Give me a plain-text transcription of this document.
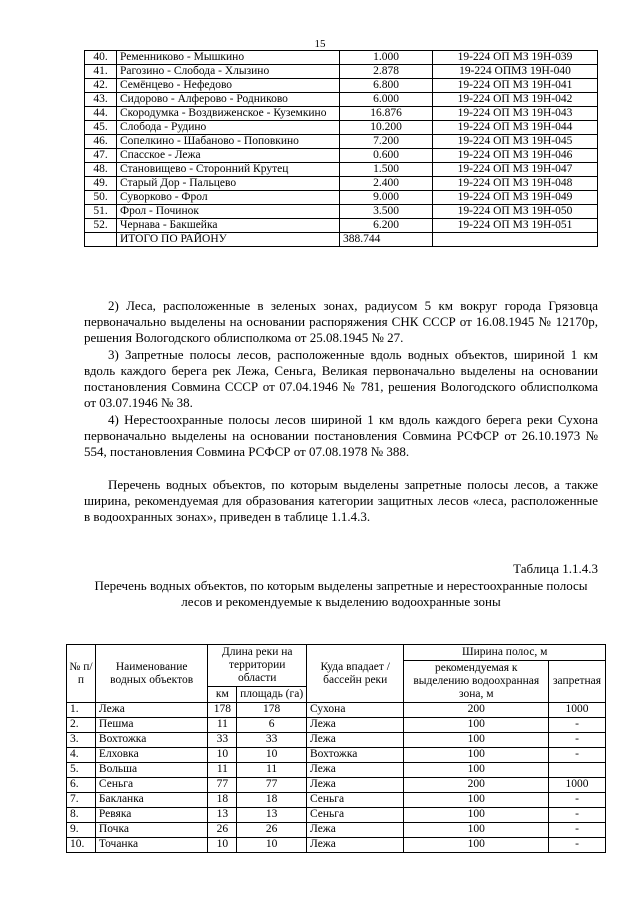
15
40.	Ременниково - Мышкино	1.000	19-224 ОП МЗ 19Н-039
41.	Рагозино - Слобода - Хлызино	2.878	19-224 ОПМЗ 19Н-040
42.	Семёнцево - Нефедово	6.800	19-224 ОП МЗ 19Н-041
43.	Сидорово - Алферово - Родниково	6.000	19-224 ОП МЗ 19Н-042
44.	Скородумка - Воздвиженское - Куземкино	16.876	19-224 ОП МЗ 19Н-043
45.	Слобода - Рудино	10.200	19-224 ОП МЗ 19Н-044
46.	Сопелкино - Шабаново - Поповкино	7.200	19-224 ОП МЗ 19Н-045
47.	Спасское - Лежа	0.600	19-224 ОП МЗ 19Н-046
48.	Становищево - Сторонний Крутец	1.500	19-224 ОП МЗ 19Н-047
49.	Старый Дор - Пальцево	2.400	19-224 ОП МЗ 19Н-048
50.	Суворково - Фрол	9.000	19-224 ОП МЗ 19Н-049
51.	Фрол - Починок	3.500	19-224 ОП МЗ 19Н-050
52.	Чернава - Бакшейка	6.200	19-224 ОП МЗ 19Н-051
	ИТОГО ПО РАЙОНУ	388.744	
2) Леса, расположенные в зеленых зонах, радиусом 5 км вокруг города Грязовца первоначально выделены на основании распоряжения СНК СССР от 16.08.1945 № 12170р, решения Вологодского облисполкома от 25.08.1945 № 27.
3) Запретные полосы лесов, расположенные вдоль водных объектов, шириной 1 км вдоль каждого берега рек Лежа, Сеньга, Великая первоначально выделены на основании постановления Совмина СССР от 07.04.1946 № 781, решения Вологодского облисполкома от 03.07.1946 № 38.
4) Нерестоохранные полосы лесов шириной 1 км вдоль каждого берега реки Сухона первоначально выделены на основании постановления Совмина РСФСР от 26.10.1973 № 554, постановления Совмина РСФСР от 07.08.1978 № 388.
Перечень водных объектов, по которым выделены запретные полосы лесов, а также ширина, рекомендуемая для образования категории защитных лесов «леса, расположенные в водоохранных зонах», приведен в таблице 1.1.4.3.
Таблица 1.1.4.3
Перечень водных объектов, по которым выделены запретные и нерестоохранные полосы лесов и рекомендуемые к выделению водоохранные зоны
№ п/п	Наименование водных объектов	Длина реки на территории области		Куда впадает / бассейн реки	Ширина полос, м	
					рекомендуемая к выделению водоохранная зона, м	запретная
		км	площадь (га)			
1.	Лежа	178	178	Сухона	200	1000
2.	Пешма	11	6	Лежа	100	-
3.	Вохтожка	33	33	Лежа	100	-
4.	Елховка	10	10	Вохтожка	100	-
5.	Вольша	11	11	Лежа	100	
6.	Сеньга	77	77	Лежа	200	1000
7.	Бакланка	18	18	Сеньга	100	-
8.	Ревяка	13	13	Сеньга	100	-
9.	Почка	26	26	Лежа	100	-
10.	Точанка	10	10	Лежа	100	-
